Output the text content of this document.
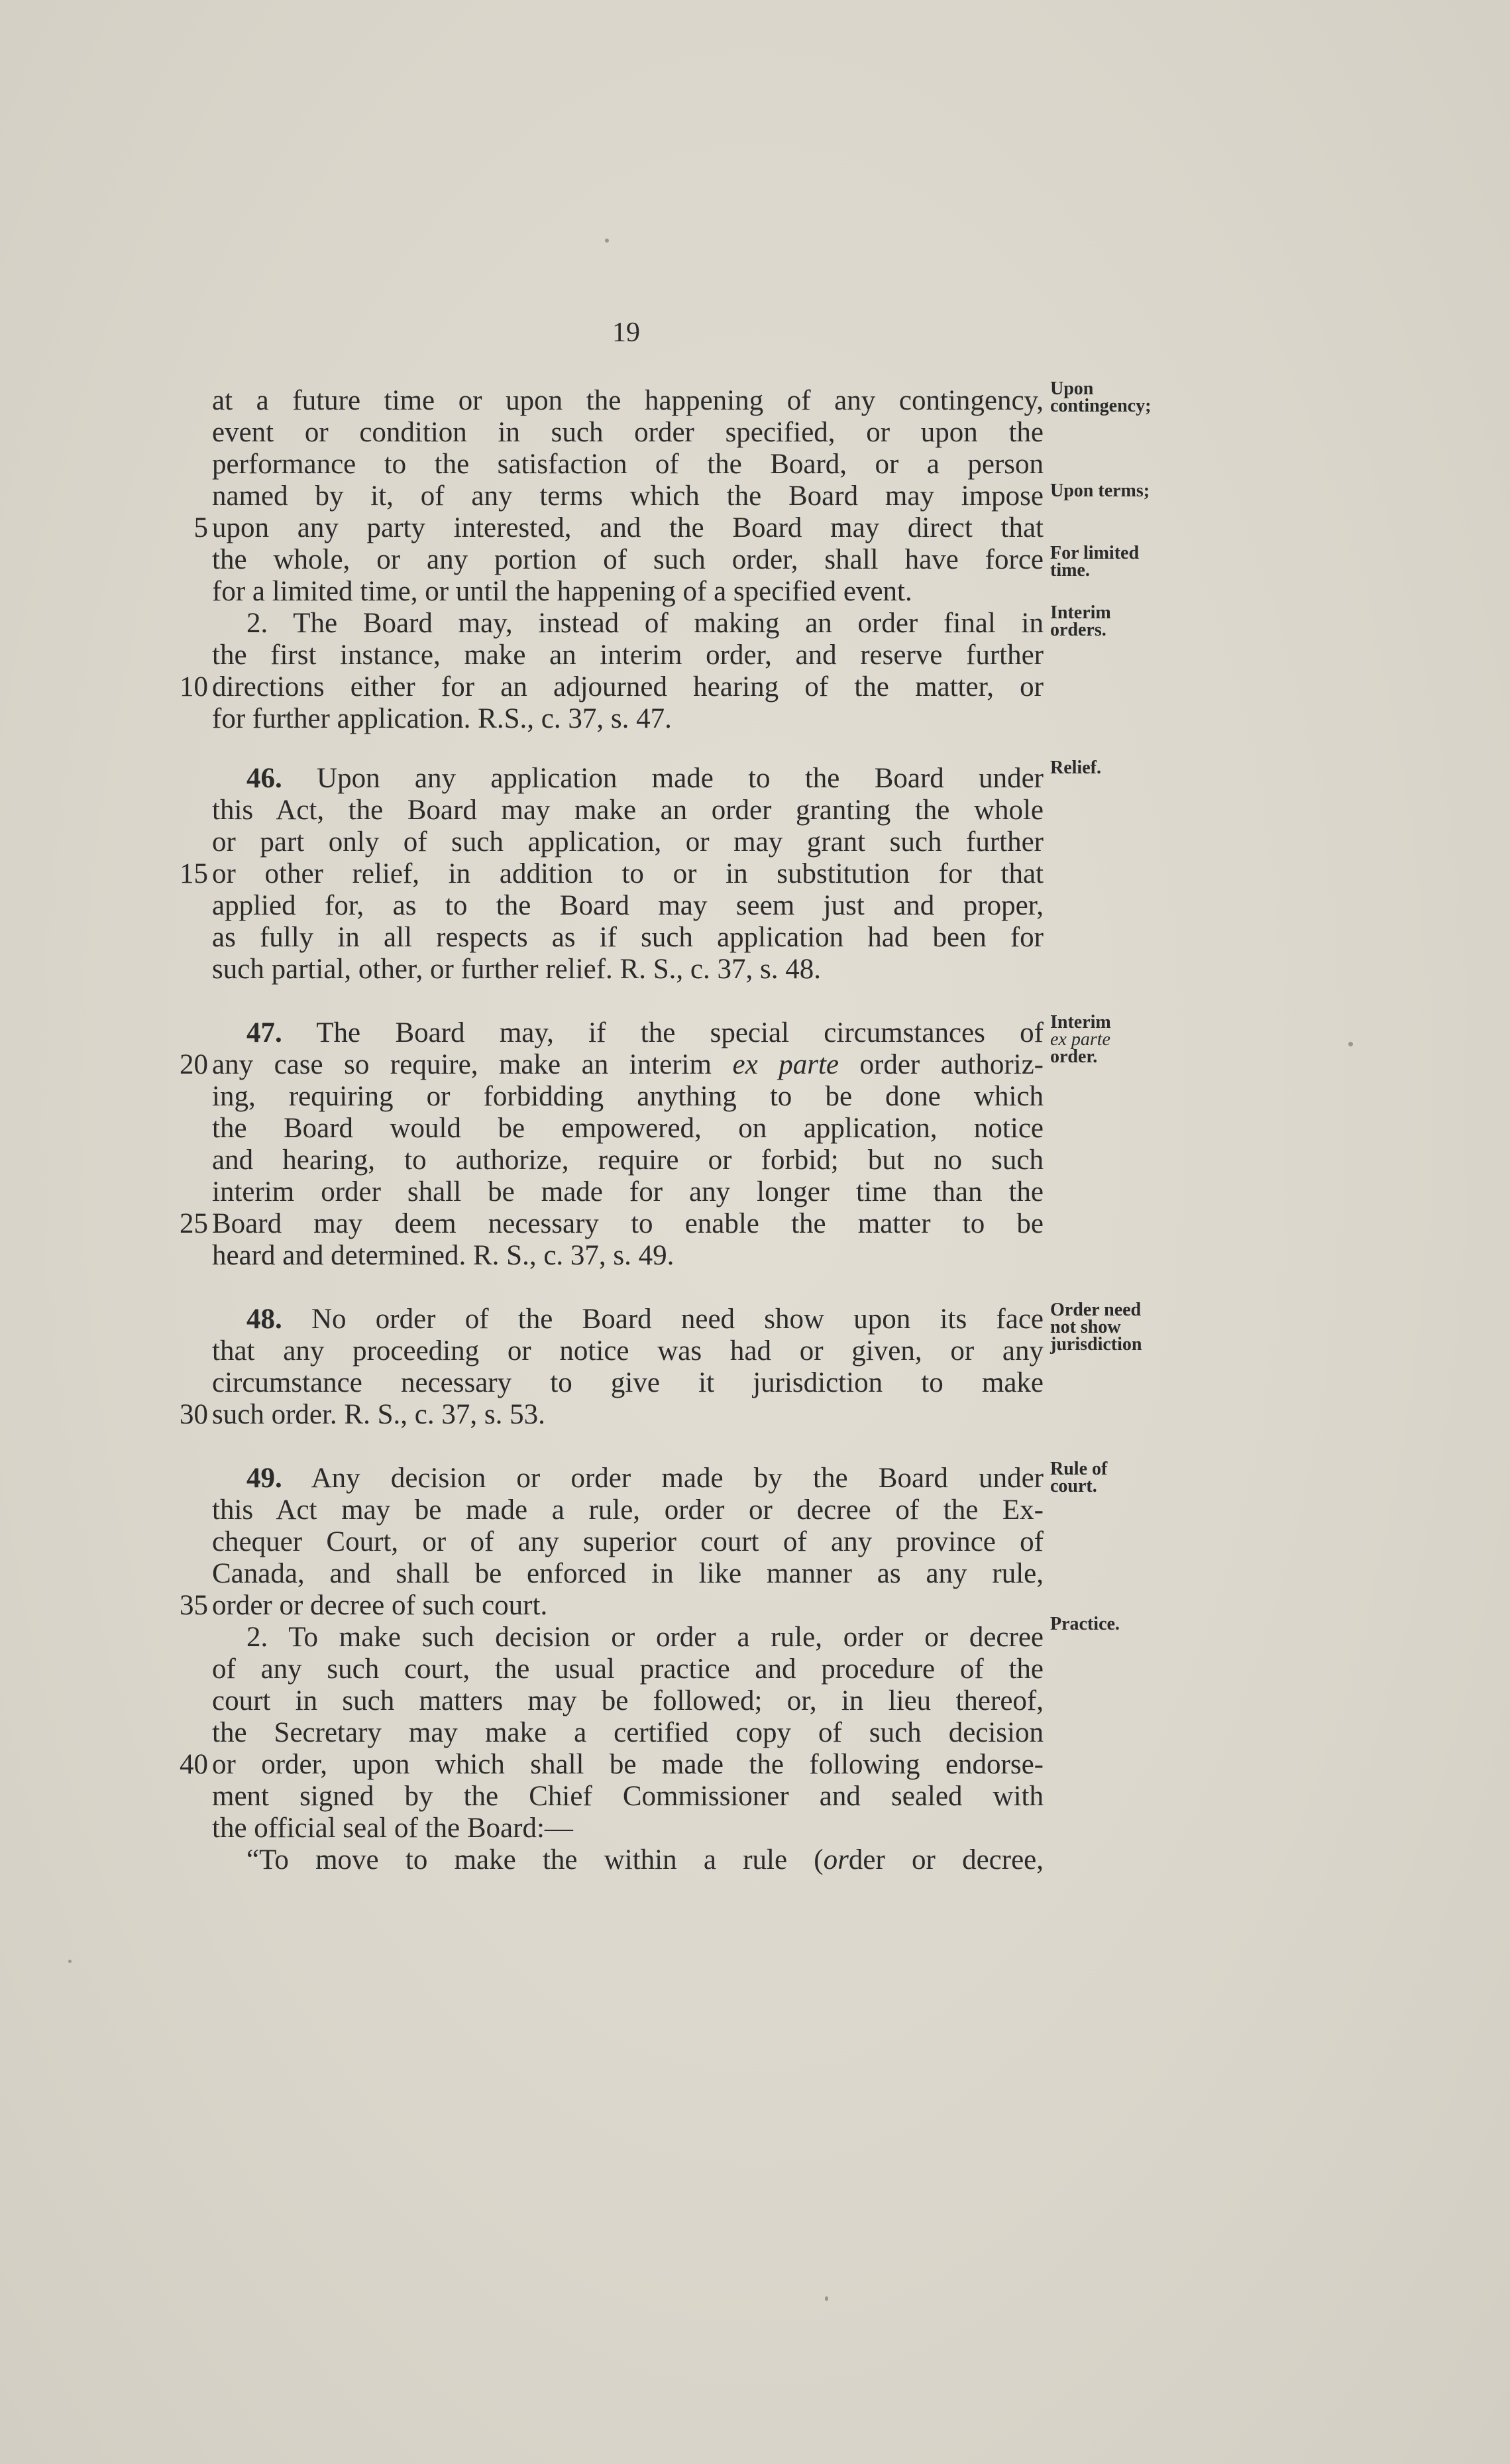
19
at a future time or upon the happening of any contingency,
event or condition in such order specified, or upon the
performance to the satisfaction of the Board, or a person
named by it, of any terms which the Board may impose
upon any party interested, and the Board may direct that
5
the whole, or any portion of such order, shall have force
for a limited time, or until the happening of a specified event.
2. The Board may, instead of making an order final in
the first instance, make an interim order, and reserve further
directions either for an adjourned hearing of the matter, or
10
for further application. R.S., c. 37, s. 47.
46. Upon any application made to the Board under
this Act, the Board may make an order granting the whole
or part only of such application, or may grant such further
or other relief, in addition to or in substitution for that
15
applied for, as to the Board may seem just and proper,
as fully in all respects as if such application had been for
such partial, other, or further relief. R. S., c. 37, s. 48.
47. The Board may, if the special circumstances of
any case so require, make an interim ex parte order authoriz-
20
ing, requiring or forbidding anything to be done which
the Board would be empowered, on application, notice
and hearing, to authorize, require or forbid; but no such
interim order shall be made for any longer time than the
Board may deem necessary to enable the matter to be
25
heard and determined. R. S., c. 37, s. 49.
48. No order of the Board need show upon its face
that any proceeding or notice was had or given, or any
circumstance necessary to give it jurisdiction to make
such order. R. S., c. 37, s. 53.
30
49. Any decision or order made by the Board under
this Act may be made a rule, order or decree of the Ex-
chequer Court, or of any superior court of any province of
Canada, and shall be enforced in like manner as any rule,
order or decree of such court.
35
2. To make such decision or order a rule, order or decree
of any such court, the usual practice and procedure of the
court in such matters may be followed; or, in lieu thereof,
the Secretary may make a certified copy of such decision
or order, upon which shall be made the following endorse-
40
ment signed by the Chief Commissioner and sealed with
the official seal of the Board:—
“To move to make the within a rule (order or decree,
Upon
contingency;
Upon terms;
For limited
time.
Interim
orders.
Relief.
Interim
ex parte
order.
Order need
not show
jurisdiction
Rule of
court.
Practice.
